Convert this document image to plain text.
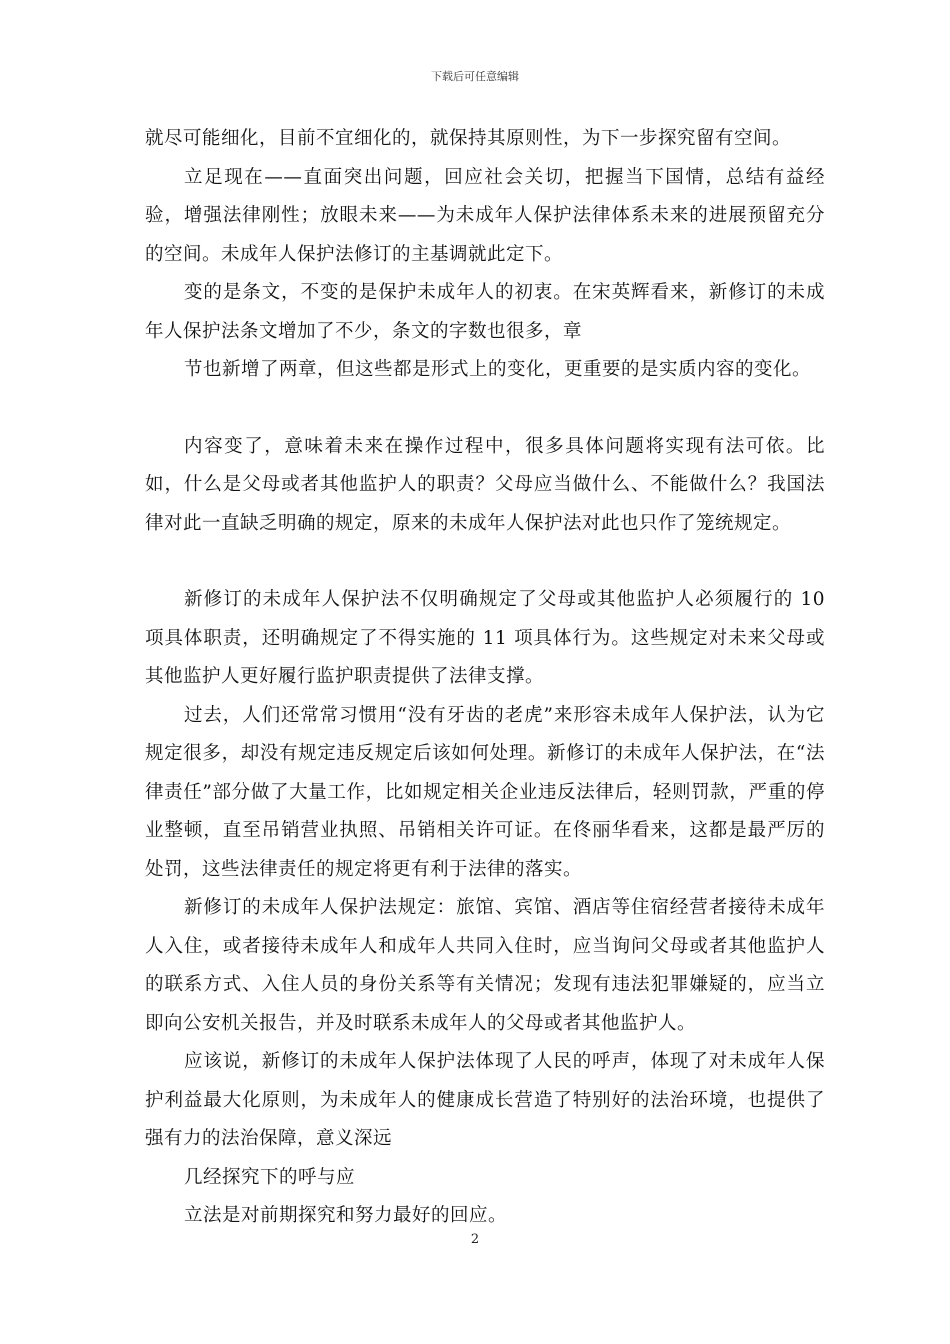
下载后可任意编辑

就尽可能细化，目前不宜细化的，就保持其原则性，为下一步探究留有空间。

立足现在——直面突出问题，回应社会关切，把握当下国情，总结有益经验，增强法律刚性；放眼未来——为未成年人保护法律体系未来的进展预留充分的空间。未成年人保护法修订的主基调就此定下。

变的是条文，不变的是保护未成年人的初衷。在宋英辉看来，新修订的未成年人保护法条文增加了不少，条文的字数也很多，章

节也新增了两章，但这些都是形式上的变化，更重要的是实质内容的变化。

内容变了，意味着未来在操作过程中，很多具体问题将实现有法可依。比如，什么是父母或者其他监护人的职责？父母应当做什么、不能做什么？我国法律对此一直缺乏明确的规定，原来的未成年人保护法对此也只作了笼统规定。

新修订的未成年人保护法不仅明确规定了父母或其他监护人必须履行的 10 项具体职责，还明确规定了不得实施的 11 项具体行为。这些规定对未来父母或其他监护人更好履行监护职责提供了法律支撑。

过去，人们还常常习惯用“没有牙齿的老虎”来形容未成年人保护法，认为它规定很多，却没有规定违反规定后该如何处理。新修订的未成年人保护法，在“法律责任”部分做了大量工作，比如规定相关企业违反法律后，轻则罚款，严重的停业整顿，直至吊销营业执照、吊销相关许可证。在佟丽华看来，这都是最严厉的处罚，这些法律责任的规定将更有利于法律的落实。

新修订的未成年人保护法规定：旅馆、宾馆、酒店等住宿经营者接待未成年人入住，或者接待未成年人和成年人共同入住时，应当询问父母或者其他监护人的联系方式、入住人员的身份关系等有关情况；发现有违法犯罪嫌疑的，应当立即向公安机关报告，并及时联系未成年人的父母或者其他监护人。

应该说，新修订的未成年人保护法体现了人民的呼声，体现了对未成年人保护利益最大化原则，为未成年人的健康成长营造了特别好的法治环境，也提供了强有力的法治保障，意义深远

几经探究下的呼与应

立法是对前期探究和努力最好的回应。

2
